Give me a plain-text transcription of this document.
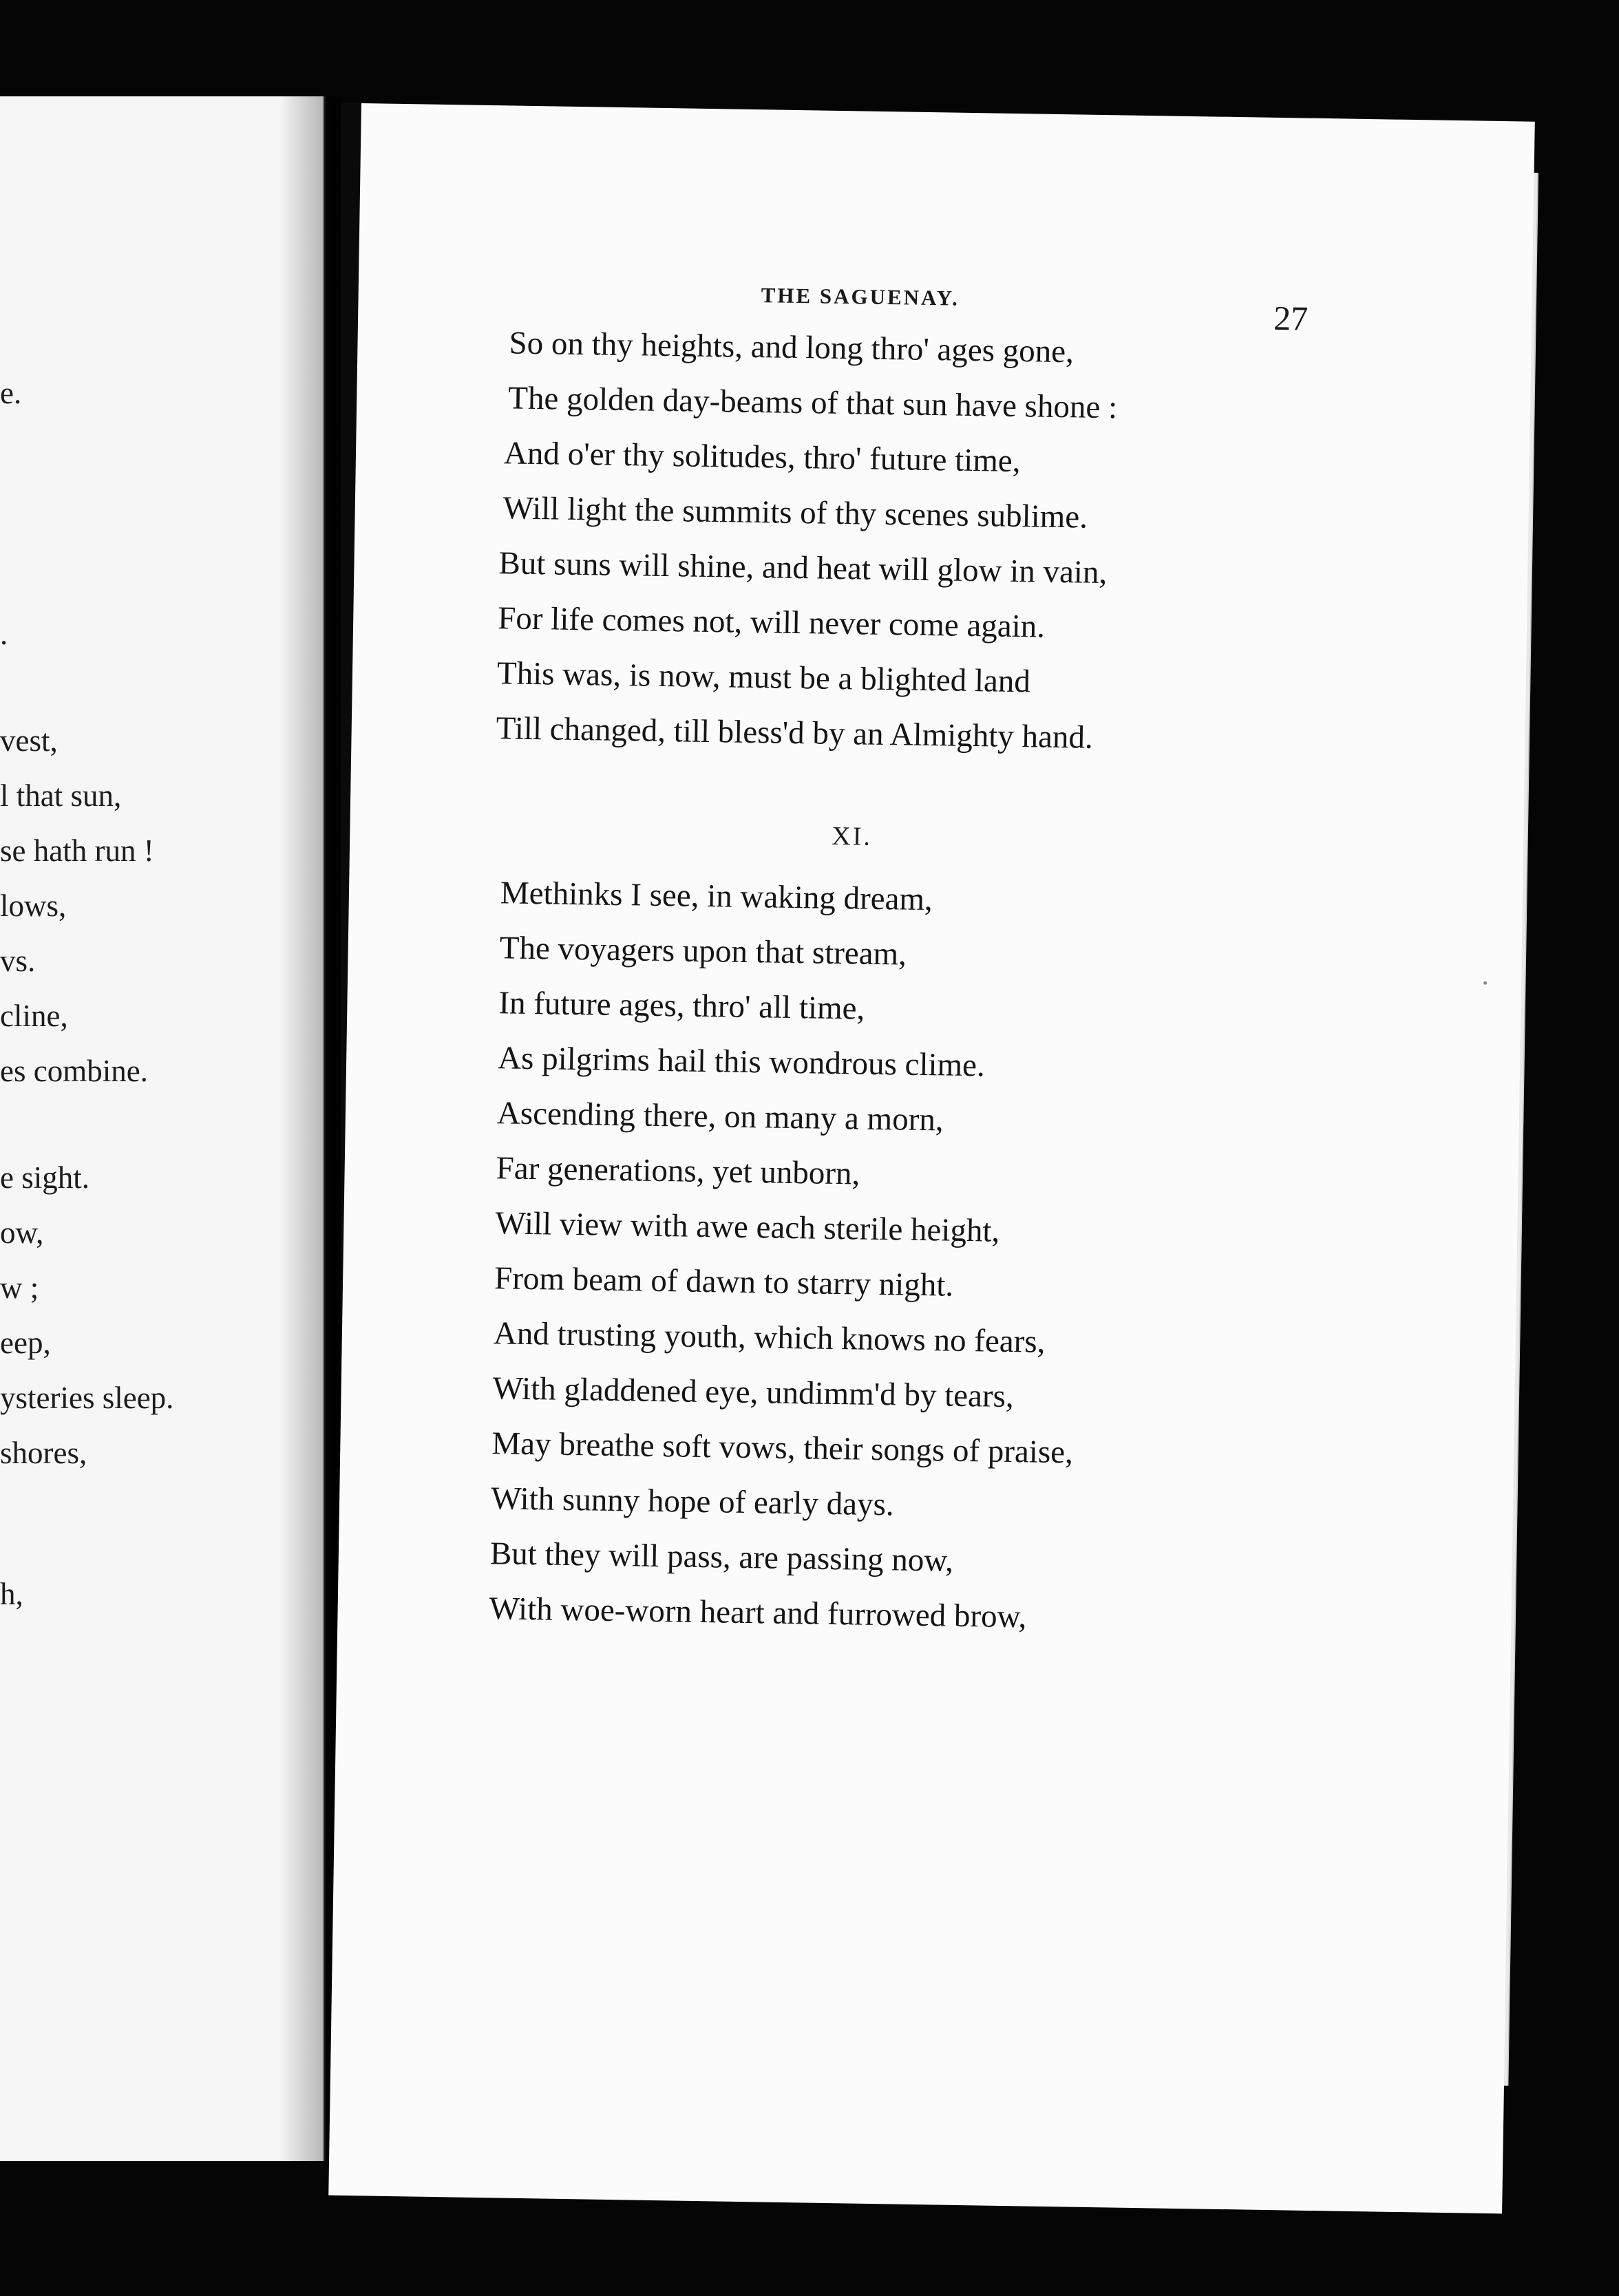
e.
.
vest,
l that sun,
se hath run !
lows,
vs.
cline,
es combine.
e sight.
ow,
w ;
eep,
ysteries sleep.
shores,
h,
THE SAGUENAY.
27
So on thy heights, and long thro' ages gone,
The golden day-beams of that sun have shone :
And o'er thy solitudes, thro' future time,
Will light the summits of thy scenes sublime.
But suns will shine, and heat will glow in vain,
For life comes not, will never come again.
This was, is now, must be a blighted land
Till changed, till bless'd by an Almighty hand.
XI.
Methinks I see, in waking dream,
The voyagers upon that stream,
In future ages, thro' all time,
As pilgrims hail this wondrous clime.
Ascending there, on many a morn,
Far generations, yet unborn,
Will view with awe each sterile height,
From beam of dawn to starry night.
And trusting youth, which knows no fears,
With gladdened eye, undimm'd by tears,
May breathe soft vows, their songs of praise,
With sunny hope of early days.
But they will pass, are passing now,
With woe-worn heart and furrowed brow,
